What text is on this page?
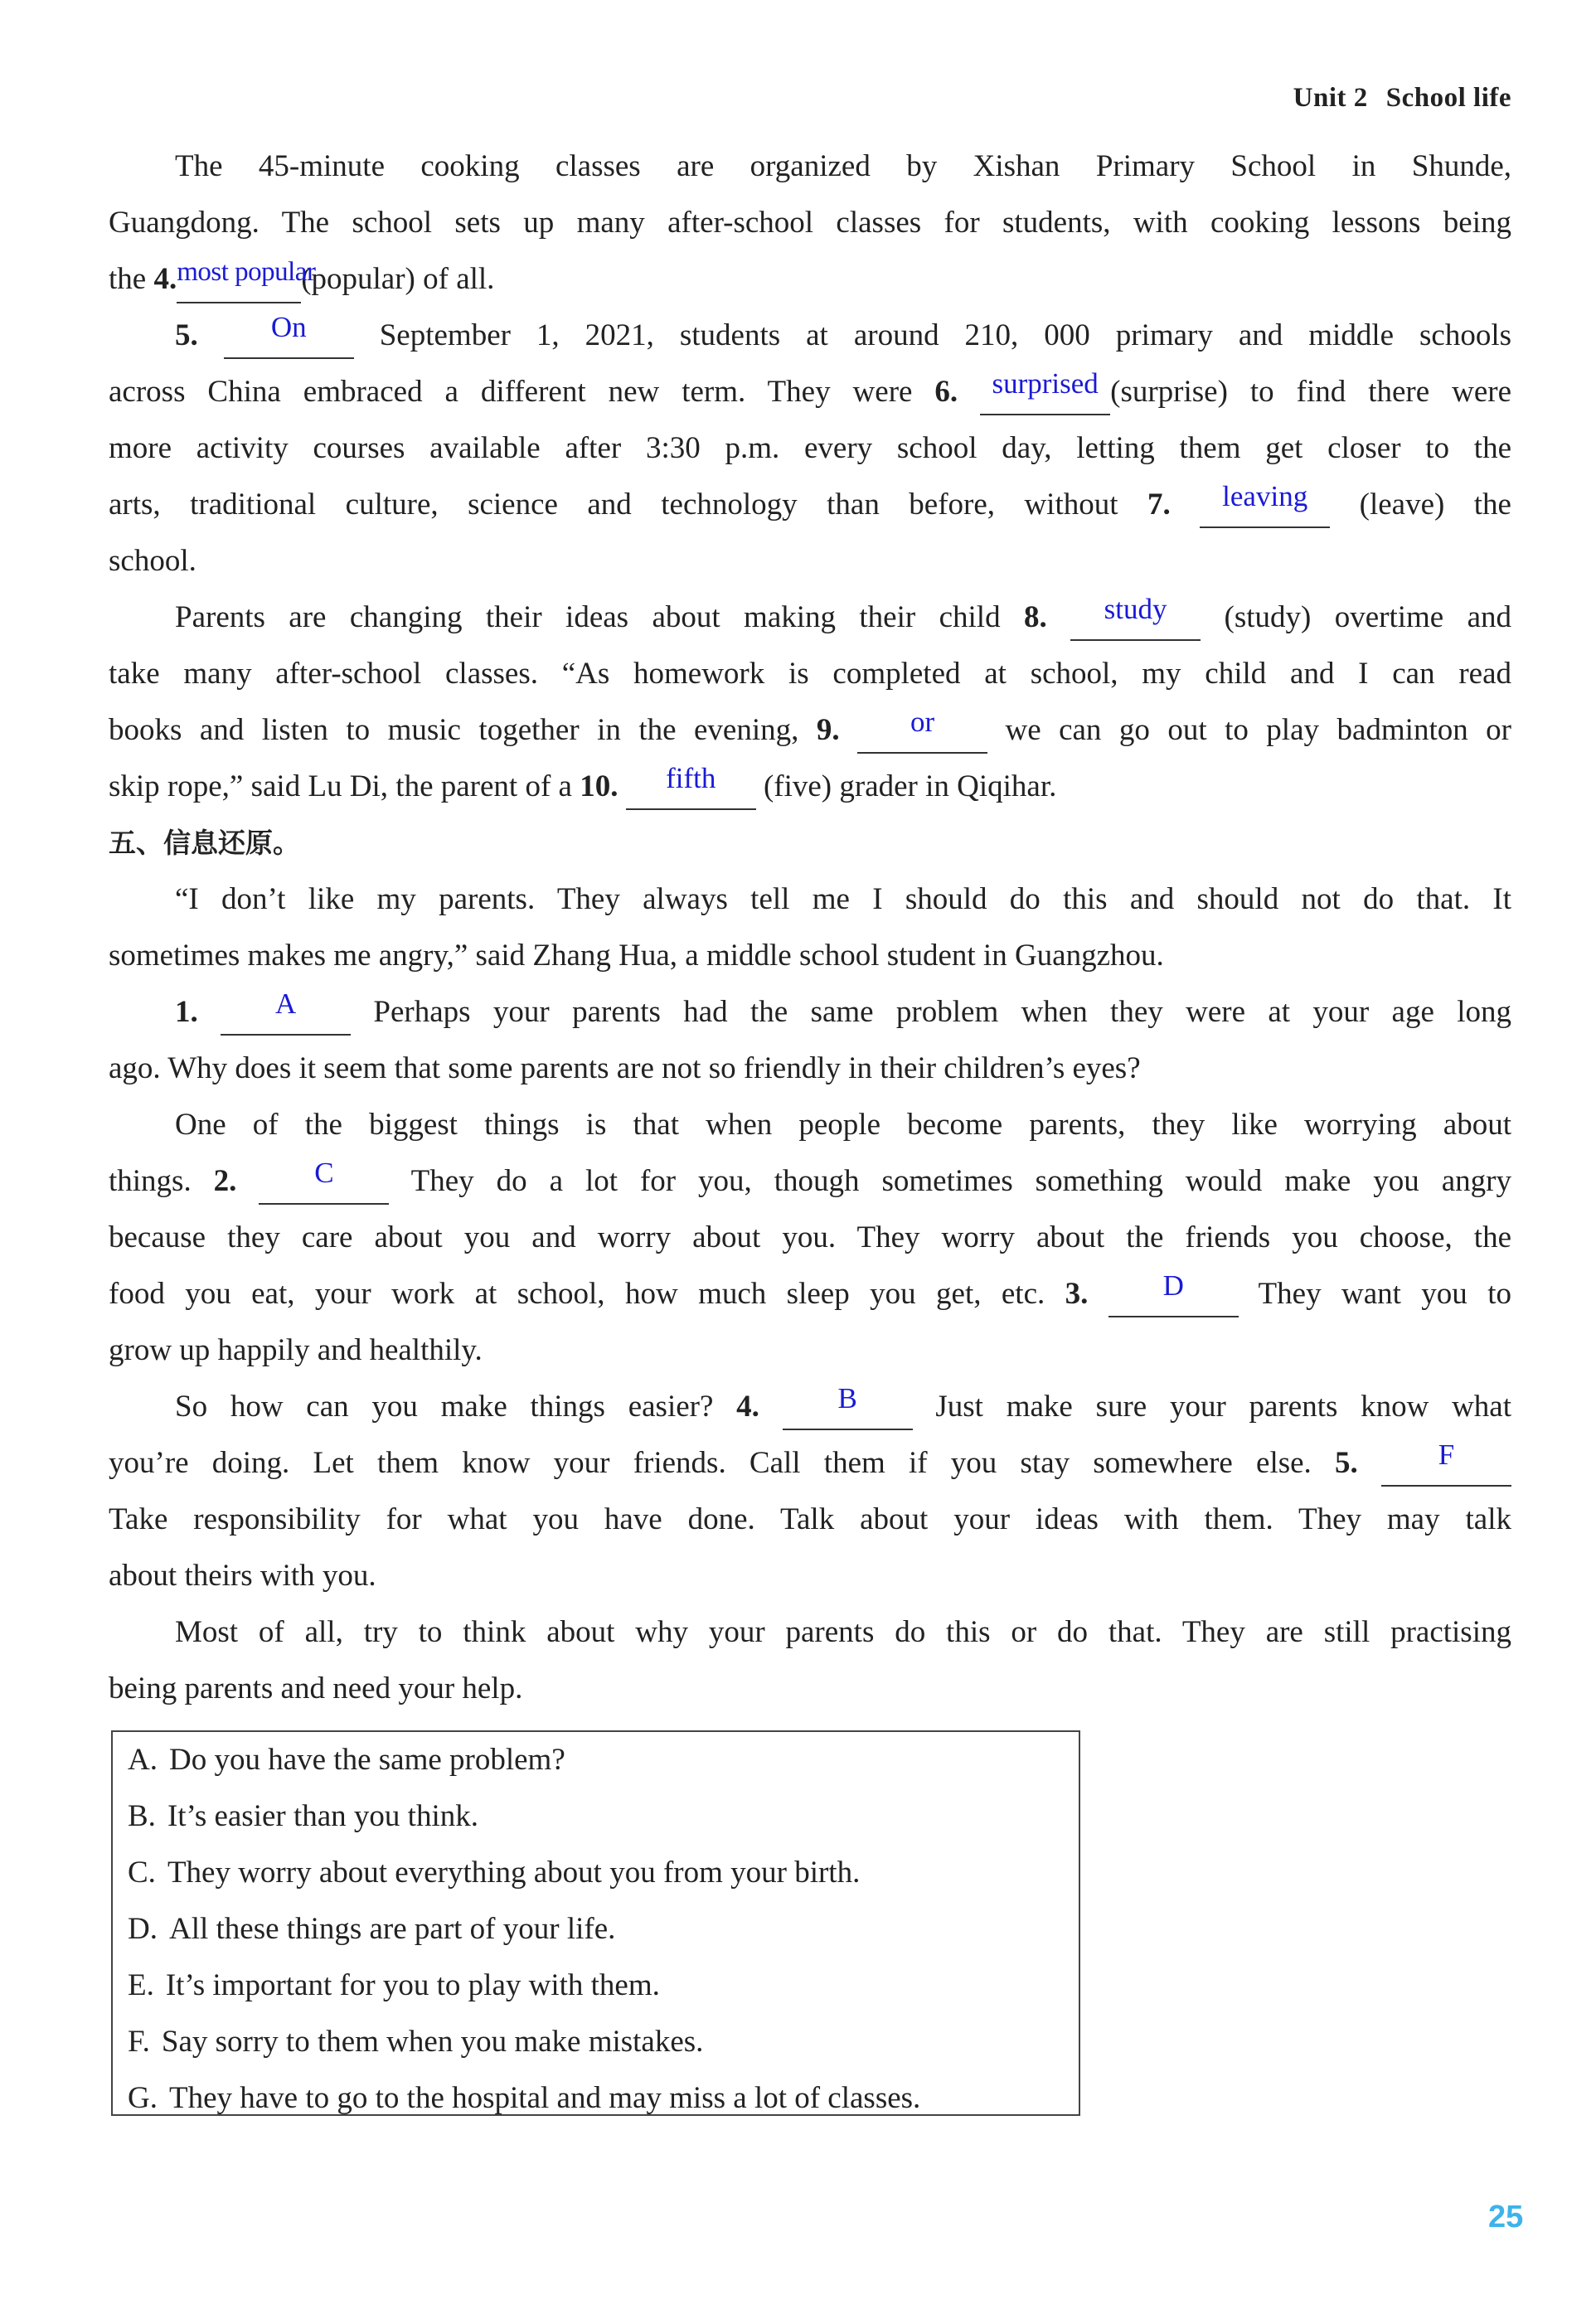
Unit 2 School life
The 45-minute cooking classes are organized by Xishan Primary School in Shunde,
Guangdong. The school sets up many after-school classes for students, with cooking lessons being
the 4.most popular(popular) of all.
5.	On September 1, 2021, students at around 210, 000 primary and middle schools
across China embraced a different new term. They were 6. surprised (surprise) to find there were
more activity courses available after 3:30 p.m. every school day, letting them get closer to the
arts, traditional culture, science and technology than before, without 7. leaving (leave) the
school.
Parents are changing their ideas about making their child 8. study (study) overtime and
take many after-school classes. “As homework is completed at school, my child and I can read
books and listen to music together in the evening, 9. or we can go out to play badminton or
skip rope,” said Lu Di, the parent of a 10. fifth (five) grader in Qiqihar.
五、信息还原。
“I don’t like my parents. They always tell me I should do this and should not do that. It
sometimes makes me angry,” said Zhang Hua, a middle school student in Guangzhou.
1.	A Perhaps your parents had the same problem when they were at your age long
ago. Why does it seem that some parents are not so friendly in their children’s eyes?
One of the biggest things is that when people become parents, they like worrying about
things. 2.	C They do a lot for you, though sometimes something would make you angry
because they care about you and worry about you. They worry about the friends you choose, the
food you eat, your work at school, how much sleep you get, etc. 3.	D They want you to
grow up happily and healthily.
So how can you make things easier? 4.	B Just make sure your parents know what
you’re doing. Let them know your friends. Call them if you stay somewhere else. 5.	F
Take responsibility for what you have done. Talk about your ideas with them. They may talk
about theirs with you.
Most of all, try to think about why your parents do this or do that. They are still practising
being parents and need your help.
A. Do you have the same problem?
B. It’s easier than you think.
C. They worry about everything about you from your birth.
D. All these things are part of your life.
E. It’s important for you to play with them.
F. Say sorry to them when you make mistakes.
G. They have to go to the hospital and may miss a lot of classes.
25
